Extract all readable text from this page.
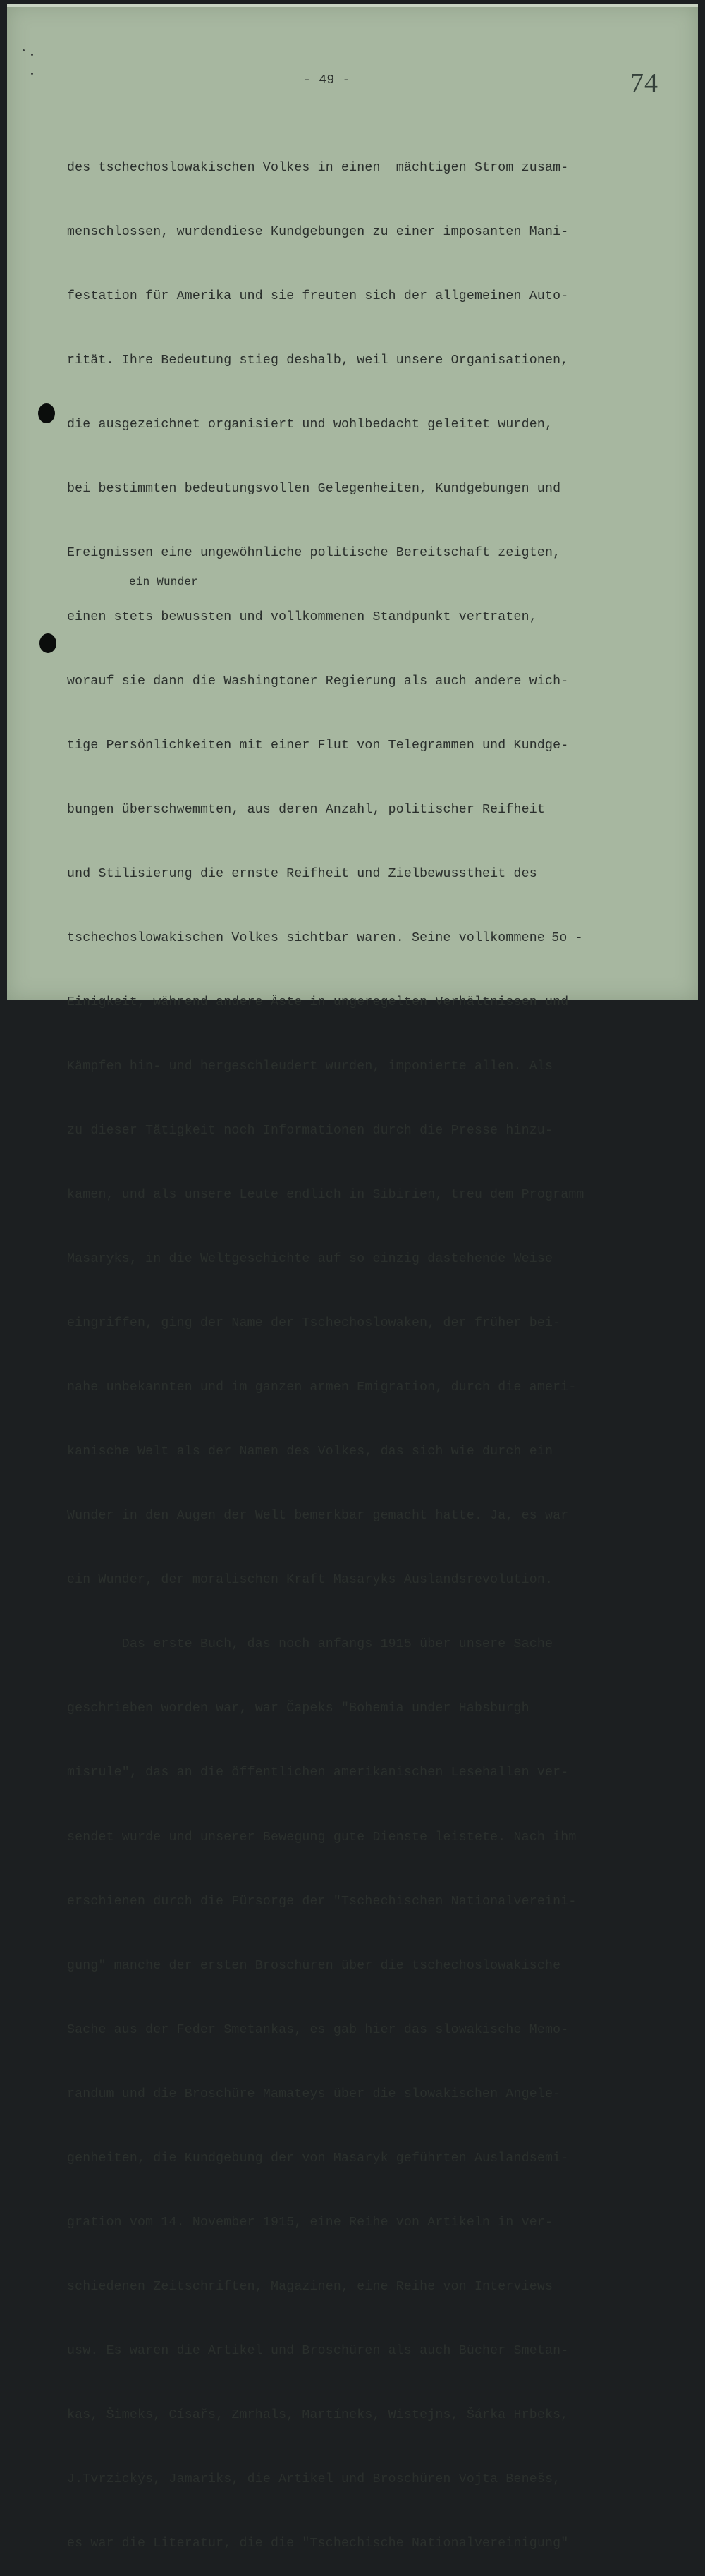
- 49 -	74

des tschechoslowakischen Volkes in einen  mächtigen Strom zusam-

menschlossen, wurdendiese Kundgebungen zu einer imposanten Mani-

festation für Amerika und sie freuten sich der allgemeinen Auto-

rität. Ihre Bedeutung stieg deshalb, weil unsere Organisationen,

die ausgezeichnet organisiert und wohlbedacht geleitet wurden,

bei bestimmten bedeutungsvollen Gelegenheiten, Kundgebungen und

Ereignissen eine ungewöhnliche politische Bereitschaft zeigten,

einen stets bewussten und vollkommenen Standpunkt vertraten,

worauf sie dann die Washingtoner Regierung als auch andere wich-

tige Persönlichkeiten mit einer Flut von Telegrammen und Kundge-

bungen überschwemmten, aus deren Anzahl, politischer Reifheit

und Stilisierung die ernste Reifheit und Zielbewusstheit des

tschechoslowakischen Volkes sichtbar waren. Seine vollkommene

Einigkeit, während andere Äste in ungeregelten Verhältnissen und

Kämpfen hin- und hergeschleudert wurden, imponierte allen. Als

zu dieser Tätigkeit noch Informationen durch die Presse hinzu-

kamen, und als unsere Leute endlich in Sibirien, treu dem Programm

Masaryks, in die Weltgeschichte auf so einzig dastehende Weise

eingriffen, ging der Name der Tschechoslowaken, der früher bei-

nahe unbekannten und im ganzen armen Emigration, durch die ameri-

kanische Welt als der Namen des Volkes, das sich wie durch ein

Wunder in den Augen der Welt bemerkbar gemacht hatte. Ja, es war

ein Wunder, der moralischen Kraft Masaryks Auslandsrevolution.

Das erste Buch, das noch anfangs 1915 über unsere Sache

geschrieben worden war, war Čapeks "Bohemia under Habsburgh

misrule", das an die öffentlichen amerikanischen Lesehallen ver-

sendet wurde und unserer Bewegung gute Dienste leistete. Nach ihm

erschienen durch die Fürsorge der "Tschechischen Nationalvereini-

gung" manche der ersten Broschüren über die tschechoslowakische

Sache aus der Feder Smetankas, es gab hier das slowakische Memo-

randum und die Broschüre Mamateys über die slowakischen Angele-

genheiten, die Kundgebung der von Masaryk geführten Auslandsemi-

gration vom 14. November 1915, eine Reihe von Artikeln in ver-

schiedenen Zeitschriften, Magazinen, eine Reihe von Interviews

usw. Es waren die Artikel und Broschüren als auch Bücher Smetan-

kas, Šimeks, Císařs, Zmrhals, Martíneks, Wistejns, Šárka Hrbeks,

J.Tvrzickýs, Jamariks, die Artikel und Broschüren Vojta Benešs,

es war die Literatur, die die "Tschechische Nationalvereinigung"

ein Wunder
- 5o -
